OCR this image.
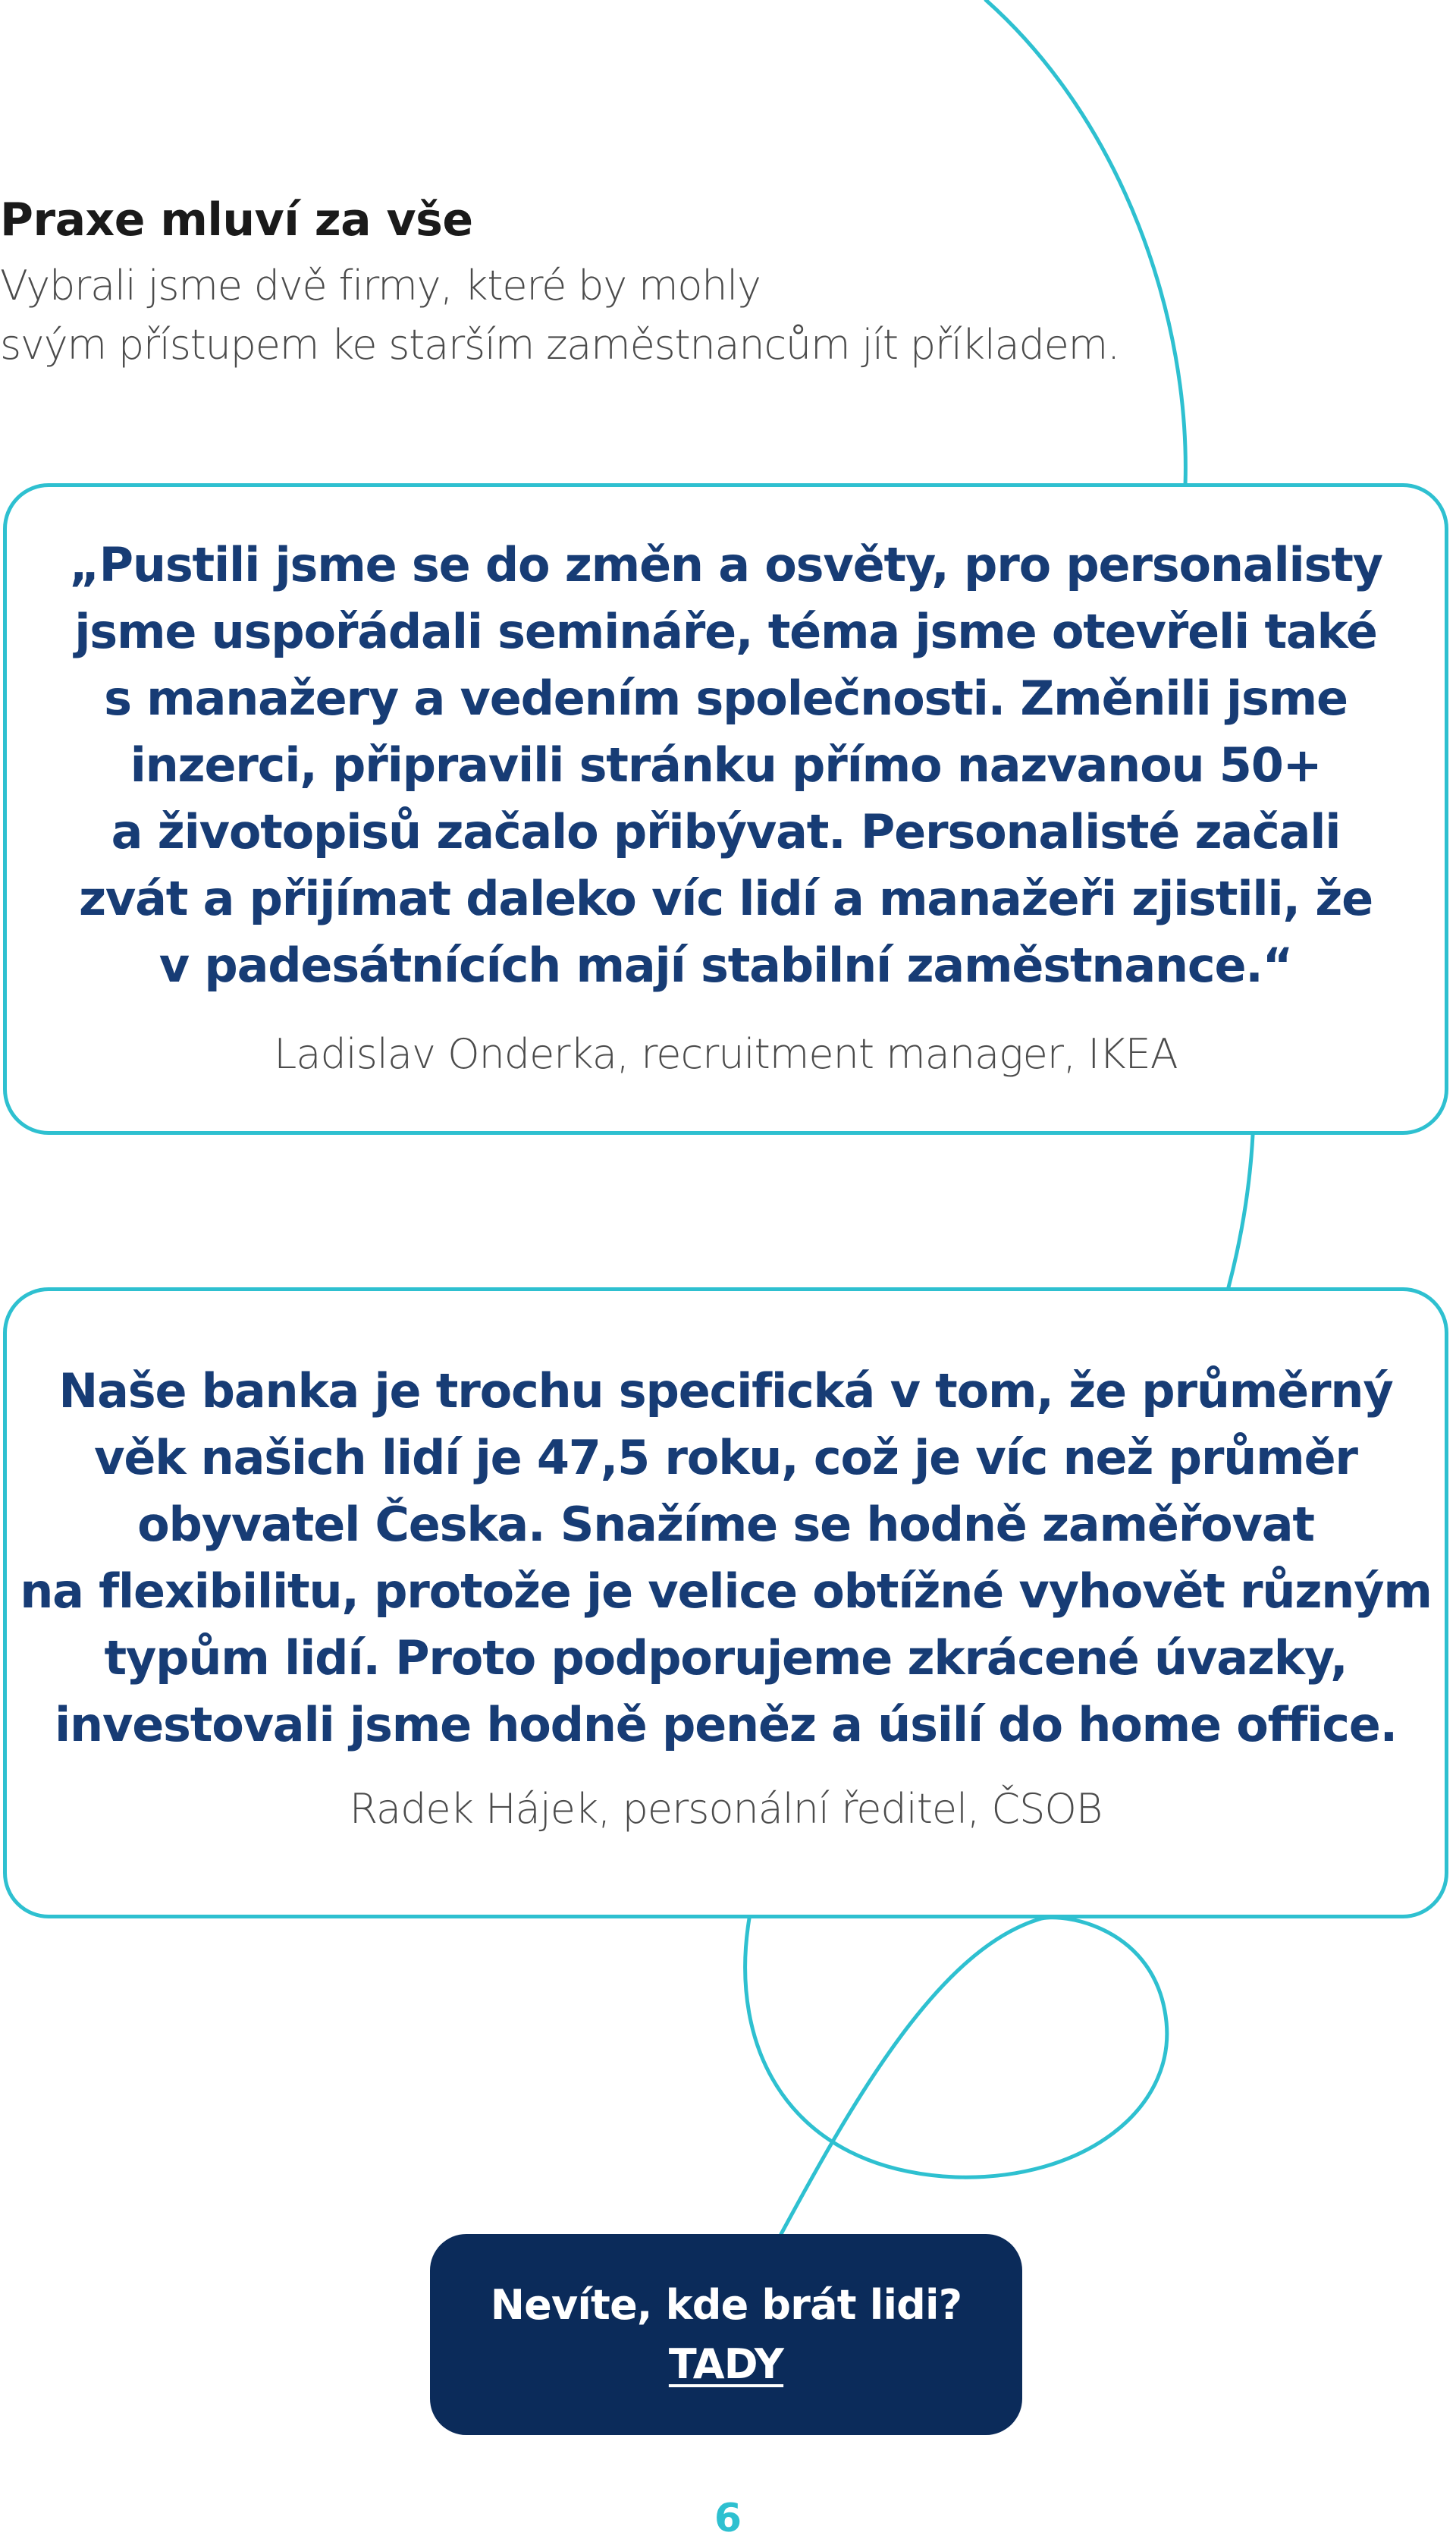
Praxe mluví za vše

Vybrali jsme dvě firmy, které by mohly
svým přístupem ke starším zaměstnancům jít příkladem.

„Pustili jsme se do změn a osvěty, pro personalisty
jsme uspořádali semináře, téma jsme otevřeli také
s manažery a vedením společnosti. Změnili jsme
inzerci, připravili stránku přímo nazvanou 50+
a životopisů začalo přibývat. Personalisté začali
zvát a přijímat daleko víc lidí a manažeři zjistili, že
v padesátnících mají stabilní zaměstnance.“

Ladislav Onderka, recruitment manager, IKEA

Naše banka je trochu specifická v tom, že průměrný
věk našich lidí je 47,5 roku, což je víc než průměr
obyvatel Česka. Snažíme se hodně zaměřovat
na flexibilitu, protože je velice obtížné vyhovět různým
typům lidí. Proto podporujeme zkrácené úvazky,
investovali jsme hodně peněz a úsilí do home office.

Radek Hájek, personální ředitel, ČSOB

Nevíte, kde brát lidi?
TADY
6
